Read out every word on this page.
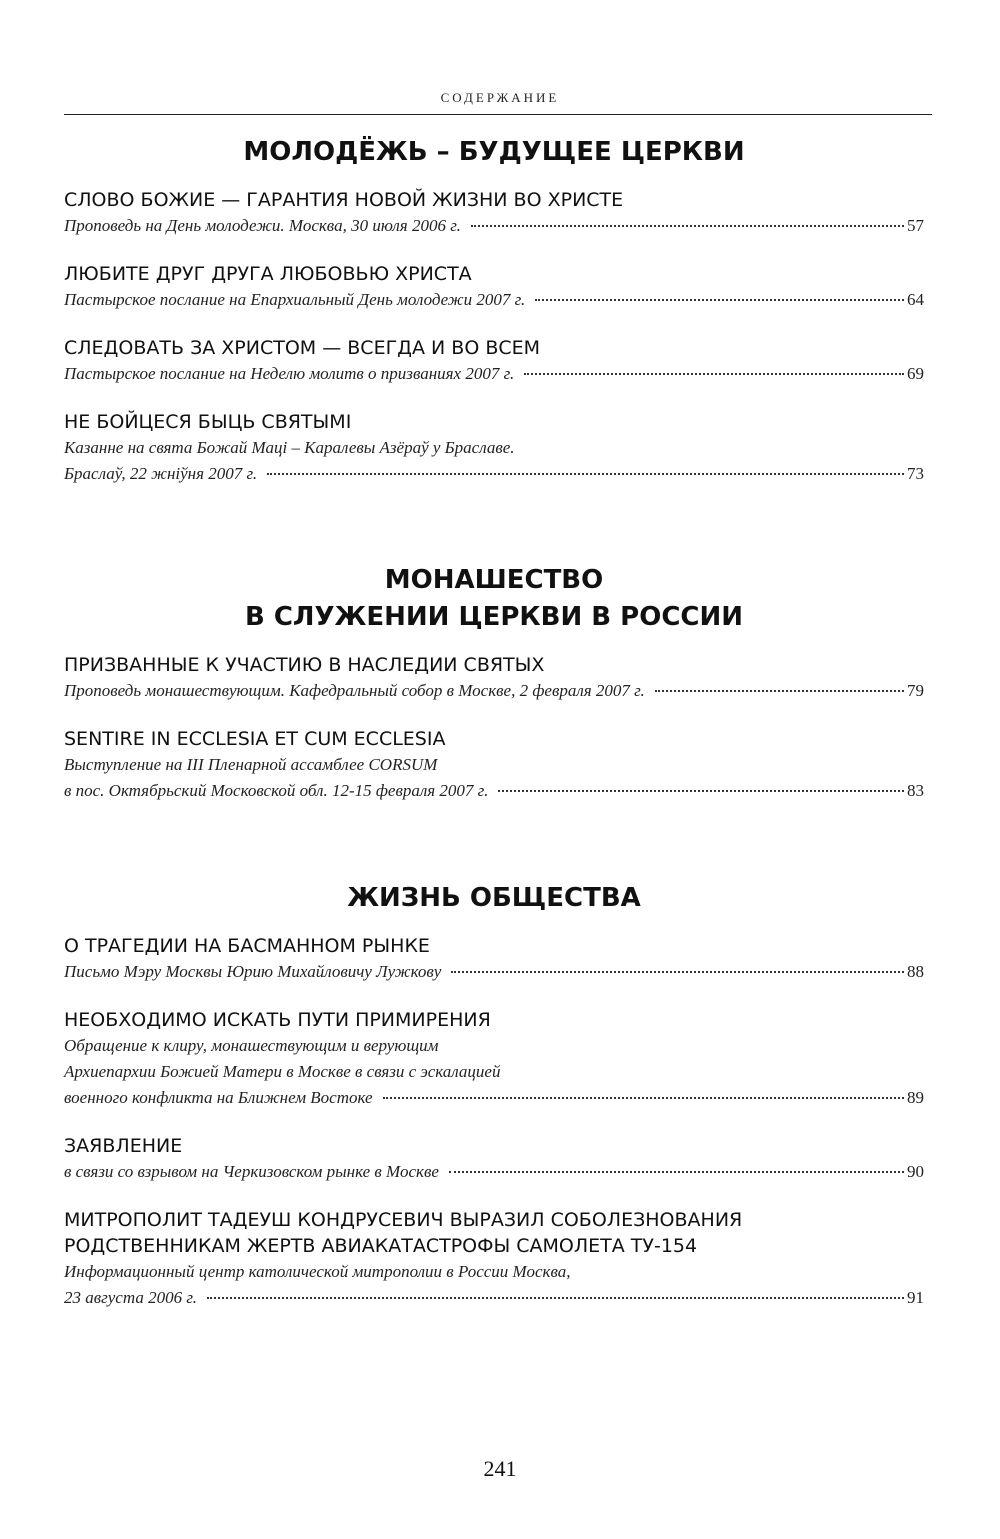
СОДЕРЖАНИЕ
МОЛОДЁЖЬ – БУДУЩЕЕ ЦЕРКВИ
СЛОВО БОЖИЕ — ГАРАНТИЯ НОВОЙ ЖИЗНИ ВО ХРИСТЕ
Проповедь на День молодежи. Москва, 30 июля 2006 г.	57
ЛЮБИТЕ ДРУГ ДРУГА ЛЮБОВЬЮ ХРИСТА
Пастырское послание на Епархиальный День молодежи 2007 г.	64
СЛЕДОВАТЬ ЗА ХРИСТОМ — ВСЕГДА И ВО ВСЕМ
Пастырское послание на Неделю молитв о призваниях 2007 г.	69
НЕ БОЙЦЕСЯ БЫЦЬ СВЯТЫМІ
Казанне на свята Божай Маці – Каралевы Азёраў у Браславе.
Браслаў, 22 жніўня 2007 г.	73
МОНАШЕСТВО
В СЛУЖЕНИИ ЦЕРКВИ В РОССИИ
ПРИЗВАННЫЕ К УЧАСТИЮ В НАСЛЕДИИ СВЯТЫХ
Проповедь монашествующим. Кафедральный собор в Москве, 2 февраля 2007 г.	79
SENTIRE IN ECCLESIA ET CUM ECCLESIA
Выступление на III Пленарной ассамблее CORSUM
в пос. Октябрьский Московской обл. 12-15 февраля 2007 г.	83
ЖИЗНЬ ОБЩЕСТВА
О ТРАГЕДИИ НА БАСМАННОМ РЫНКЕ
Письмо Мэру Москвы Юрию Михайловичу Лужкову	88
НЕОБХОДИМО ИСКАТЬ ПУТИ ПРИМИРЕНИЯ
Обращение к клиру, монашествующим и верующим
Архиепархии Божией Матери в Москве в связи с эскалацией
военного конфликта на Ближнем Востоке	89
ЗАЯВЛЕНИЕ
в связи со взрывом на Черкизовском рынке в Москве	90
МИТРОПОЛИТ ТАДЕУШ КОНДРУСЕВИЧ ВЫРАЗИЛ СОБОЛЕЗНОВАНИЯ
РОДСТВЕННИКАМ ЖЕРТВ АВИАКАТАСТРОФЫ САМОЛЕТА ТУ-154
Информационный центр католической митрополии в России Москва,
23 августа 2006 г.	91
241
